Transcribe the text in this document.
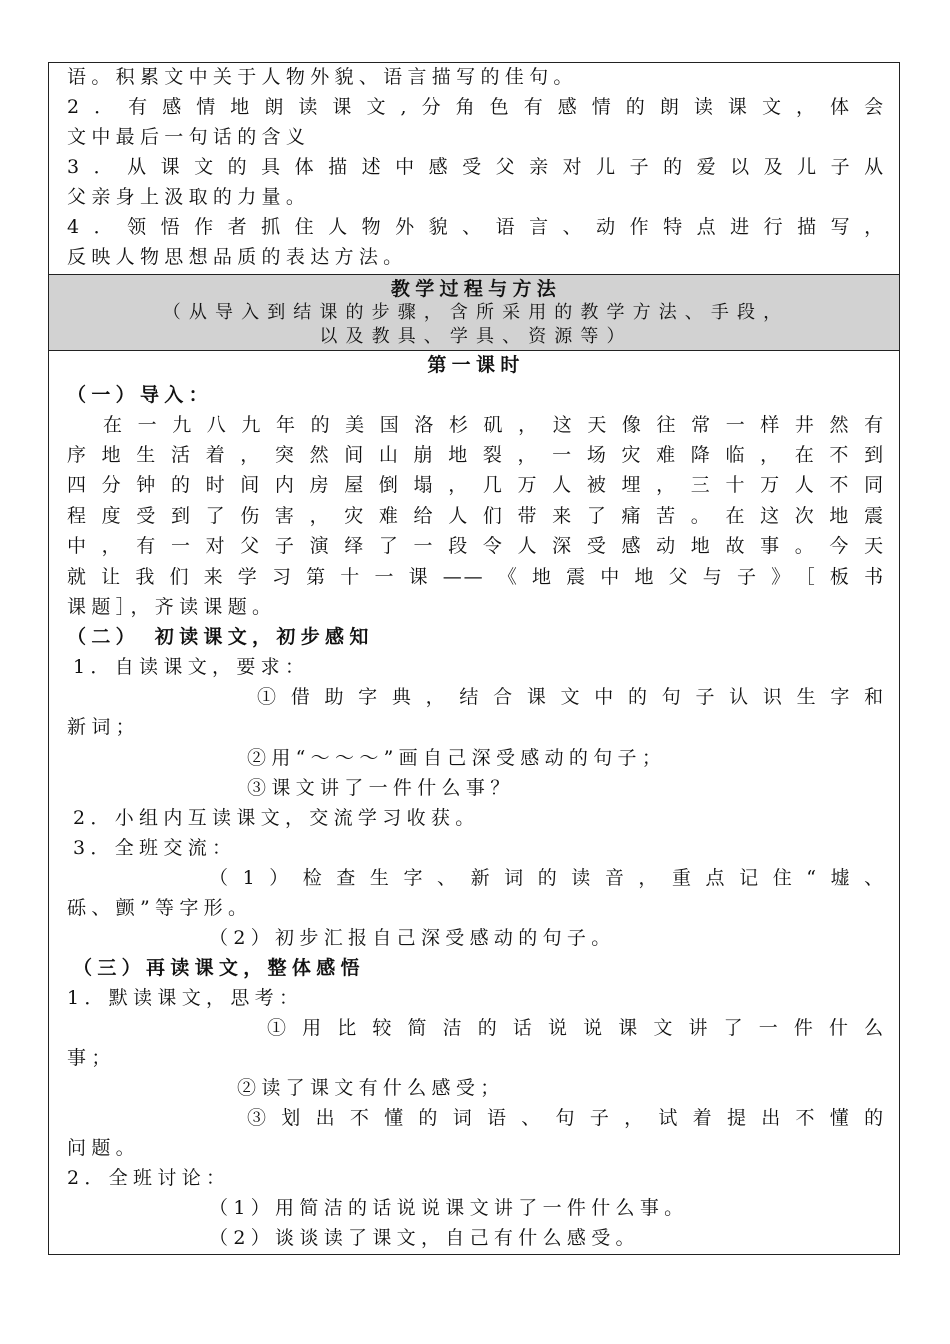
语。积累文中关于人物外貌、语言描写的佳句。
2．有感情地朗读课文,分角色有感情的朗读课文，体会
文中最后一句话的含义
3．从课文的具体描述中感受父亲对儿子的爱以及儿子从
父亲身上汲取的力量。
4．领悟作者抓住人物外貌、语言、动作特点进行描写，
反映人物思想品质的表达方法。
教学过程与方法
（从导入到结课的步骤，含所采用的教学方法、手段，
以及教具、学具、资源等）
第一课时
（一）导入：
在一九八九年的美国洛杉矶，这天像往常一样井然有
序地生活着，突然间山崩地裂，一场灾难降临，在不到
四分钟的时间内房屋倒塌，几万人被埋，三十万人不同
程度受到了伤害，灾难给人们带来了痛苦。在这次地震
中，有一对父子演绎了一段令人深受感动地故事。今天
就让我们来学习第十一课——《地震中地父与子》［板书
课题］，齐读课题。
（二）　初读课文，初步感知
1．自读课文，要求：
①借助字典，结合课文中的句子认识生字和
新词；
②用“～～～”画自己深受感动的句子；
③课文讲了一件什么事？
2．小组内互读课文，交流学习收获。
3．全班交流：
（1）检查生字、新词的读音，重点记住“墟、
砾、颤”等字形。
（2）初步汇报自己深受感动的句子。
（三）再读课文，整体感悟
1．默读课文，思考：
①用比较简洁的话说说课文讲了一件什么
事；
②读了课文有什么感受；
③划出不懂的词语、句子，试着提出不懂的
问题。
2．全班讨论：
（1）用简洁的话说说课文讲了一件什么事。
（2）谈谈读了课文，自己有什么感受。
